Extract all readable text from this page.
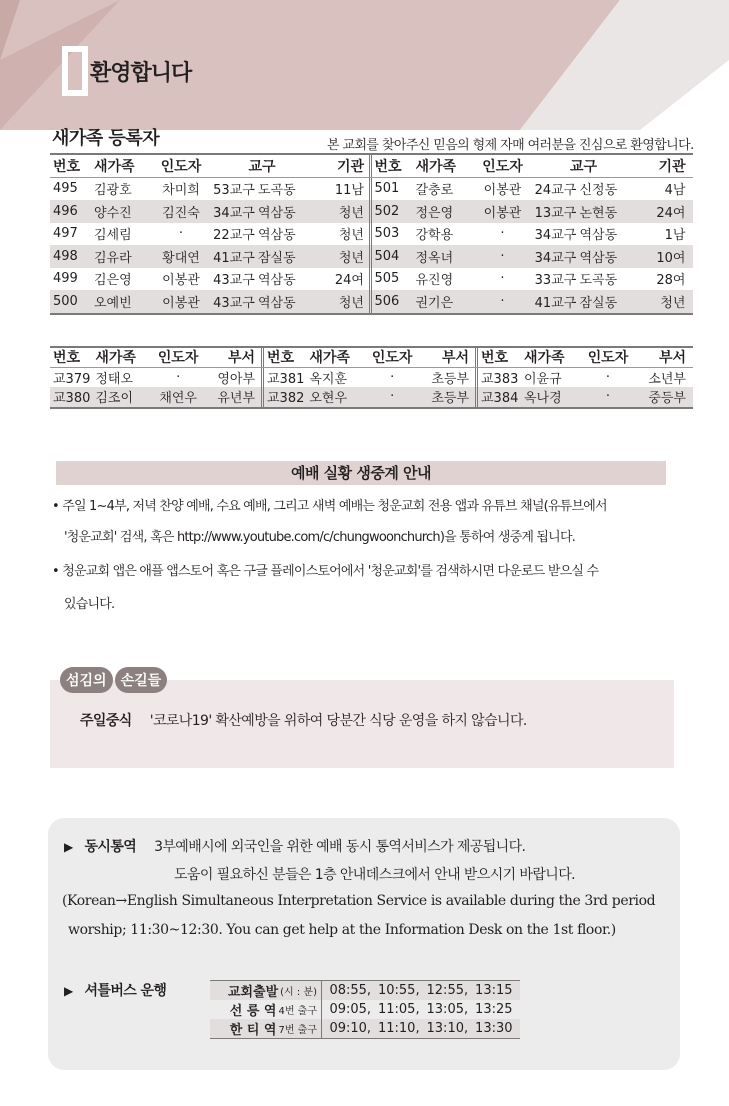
환영합니다
새가족 등록자	본 교회를 찾아주신 믿음의 형제 자매 여러분을 진심으로 환영합니다.
번호 새가족	인도자	교구	기관 번호 새가족	인도자	교구	기관
495	김광호	차미희	53교구 도곡동	11남 501	갈충로	이봉관	24교구 신정동	4남
496	양수진	김진숙	34교구 역삼동	청년 502	정은영	이봉관	13교구 논현동	24여
497	김세림	·	22교구 역삼동	청년 503	강학용	·	34교구 역삼동	1남
498	김유라	황대연	41교구 잠실동	청년 504	정옥녀	·	34교구 역삼동	10여
499	김은영	이봉관	43교구 역삼동	24여 505	유진영	·	33교구 도곡동	28여
500	오예빈	이봉관	43교구 역삼동	청년 506	권기은	·	41교구 잠실동	청년
번호	새가족	인도자	부서 번호	새가족	인도자	부서 번호	새가족	인도자	부서
교379 정태오	·	영아부 교381 옥지훈	·	초등부 교383 이윤규	·	소년부
교380 김조이	채연우	유년부 교382 오현우	·	초등부 교384 옥나경	·	중등부
예배 실황 생중계 안내
• 주일 1~4부, 저녁 찬양 예배, 수요 예배, 그리고 새벽 예배는 청운교회 전용 앱과 유튜브 채널(유튜브에서
'청운교회' 검색, 혹은 http://www.youtube.com/c/chungwoonchurch)을 통하여 생중계 됩니다.
• 청운교회 앱은 애플 앱스토어 혹은 구글 플레이스토어에서 '청운교회'를 검색하시면 다운로드 받으실 수
있습니다.
섬김의	손길들
주일중식 '코로나19' 확산예방을 위하여 당분간 식당 운영을 하지 않습니다.
▶ 동시통역 3부예배시에 외국인을 위한 예배 동시 통역서비스가 제공됩니다.
도움이 필요하신 분들은 1층 안내데스크에서 안내 받으시기 바랍니다.
(Korean→English Simultaneous Interpretation Service is available during the 3rd period
worship; 11:30~12:30. You can get help at the Information Desk on the 1st floor.)
▶ 셔틀버스 운행	교회출발 (시 : 분) 08:55, 10:55, 12:55, 13:15
선 릉 역 4번 출구 09:05, 11:05, 13:05, 13:25
한 티 역 7번 출구 09:10, 11:10, 13:10, 13:30
